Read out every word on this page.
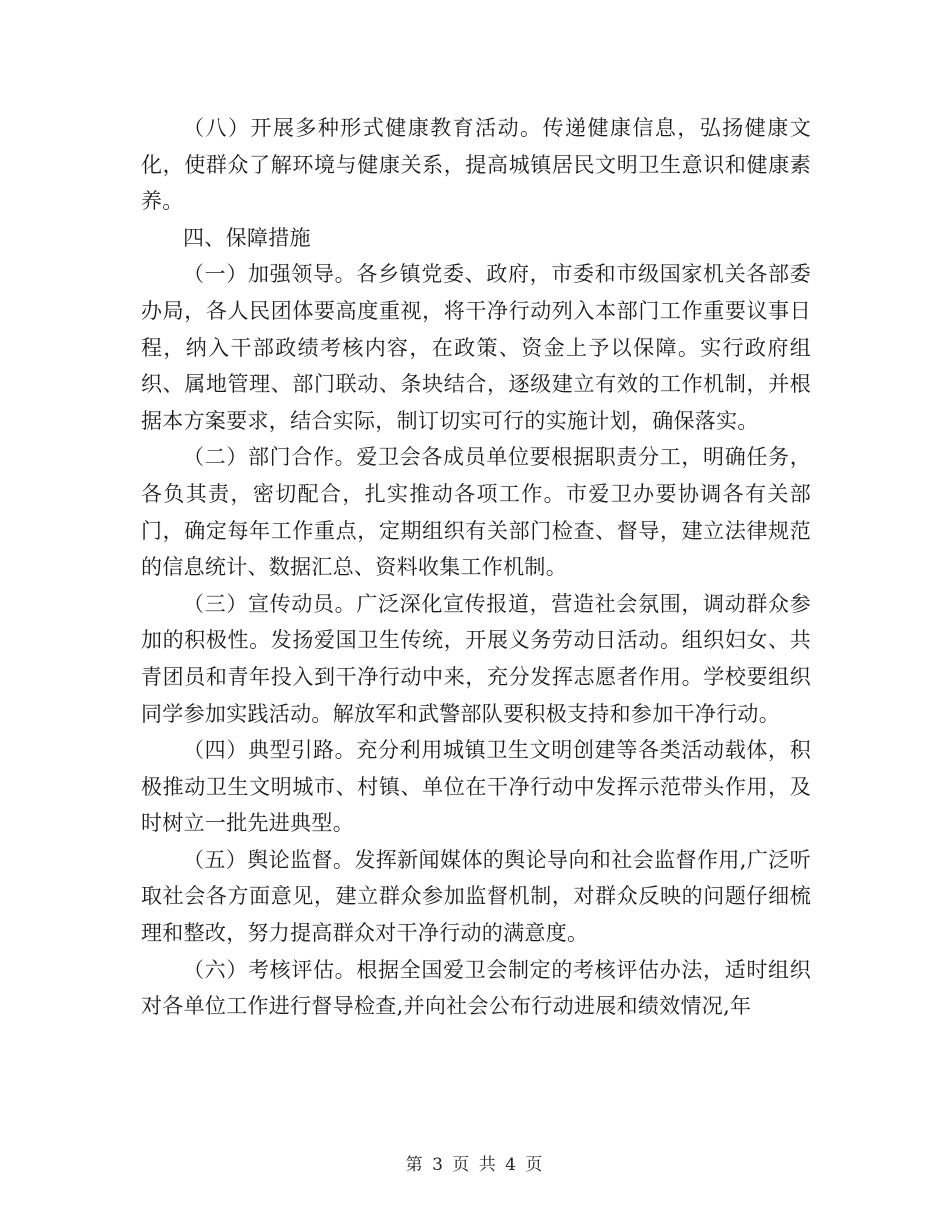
（八）开展多种形式健康教育活动。传递健康信息，弘扬健康文化，使群众了解环境与健康关系，提高城镇居民文明卫生意识和健康素养。

四、保障措施

（一）加强领导。各乡镇党委、政府，市委和市级国家机关各部委办局，各人民团体要高度重视，将干净行动列入本部门工作重要议事日程，纳入干部政绩考核内容，在政策、资金上予以保障。实行政府组织、属地管理、部门联动、条块结合，逐级建立有效的工作机制，并根据本方案要求，结合实际，制订切实可行的实施计划，确保落实。

（二）部门合作。爱卫会各成员单位要根据职责分工，明确任务，各负其责，密切配合，扎实推动各项工作。市爱卫办要协调各有关部门，确定每年工作重点，定期组织有关部门检查、督导，建立法律规范的信息统计、数据汇总、资料收集工作机制。

（三）宣传动员。广泛深化宣传报道，营造社会氛围，调动群众参加的积极性。发扬爱国卫生传统，开展义务劳动日活动。组织妇女、共青团员和青年投入到干净行动中来，充分发挥志愿者作用。学校要组织同学参加实践活动。解放军和武警部队要积极支持和参加干净行动。

（四）典型引路。充分利用城镇卫生文明创建等各类活动载体，积极推动卫生文明城市、村镇、单位在干净行动中发挥示范带头作用，及时树立一批先进典型。

（五）舆论监督。发挥新闻媒体的舆论导向和社会监督作用,广泛听取社会各方面意见，建立群众参加监督机制，对群众反映的问题仔细梳理和整改，努力提高群众对干净行动的满意度。

（六）考核评估。根据全国爱卫会制定的考核评估办法，适时组织对各单位工作进行督导检查,并向社会公布行动进展和绩效情况,年

第 3 页 共 4 页
